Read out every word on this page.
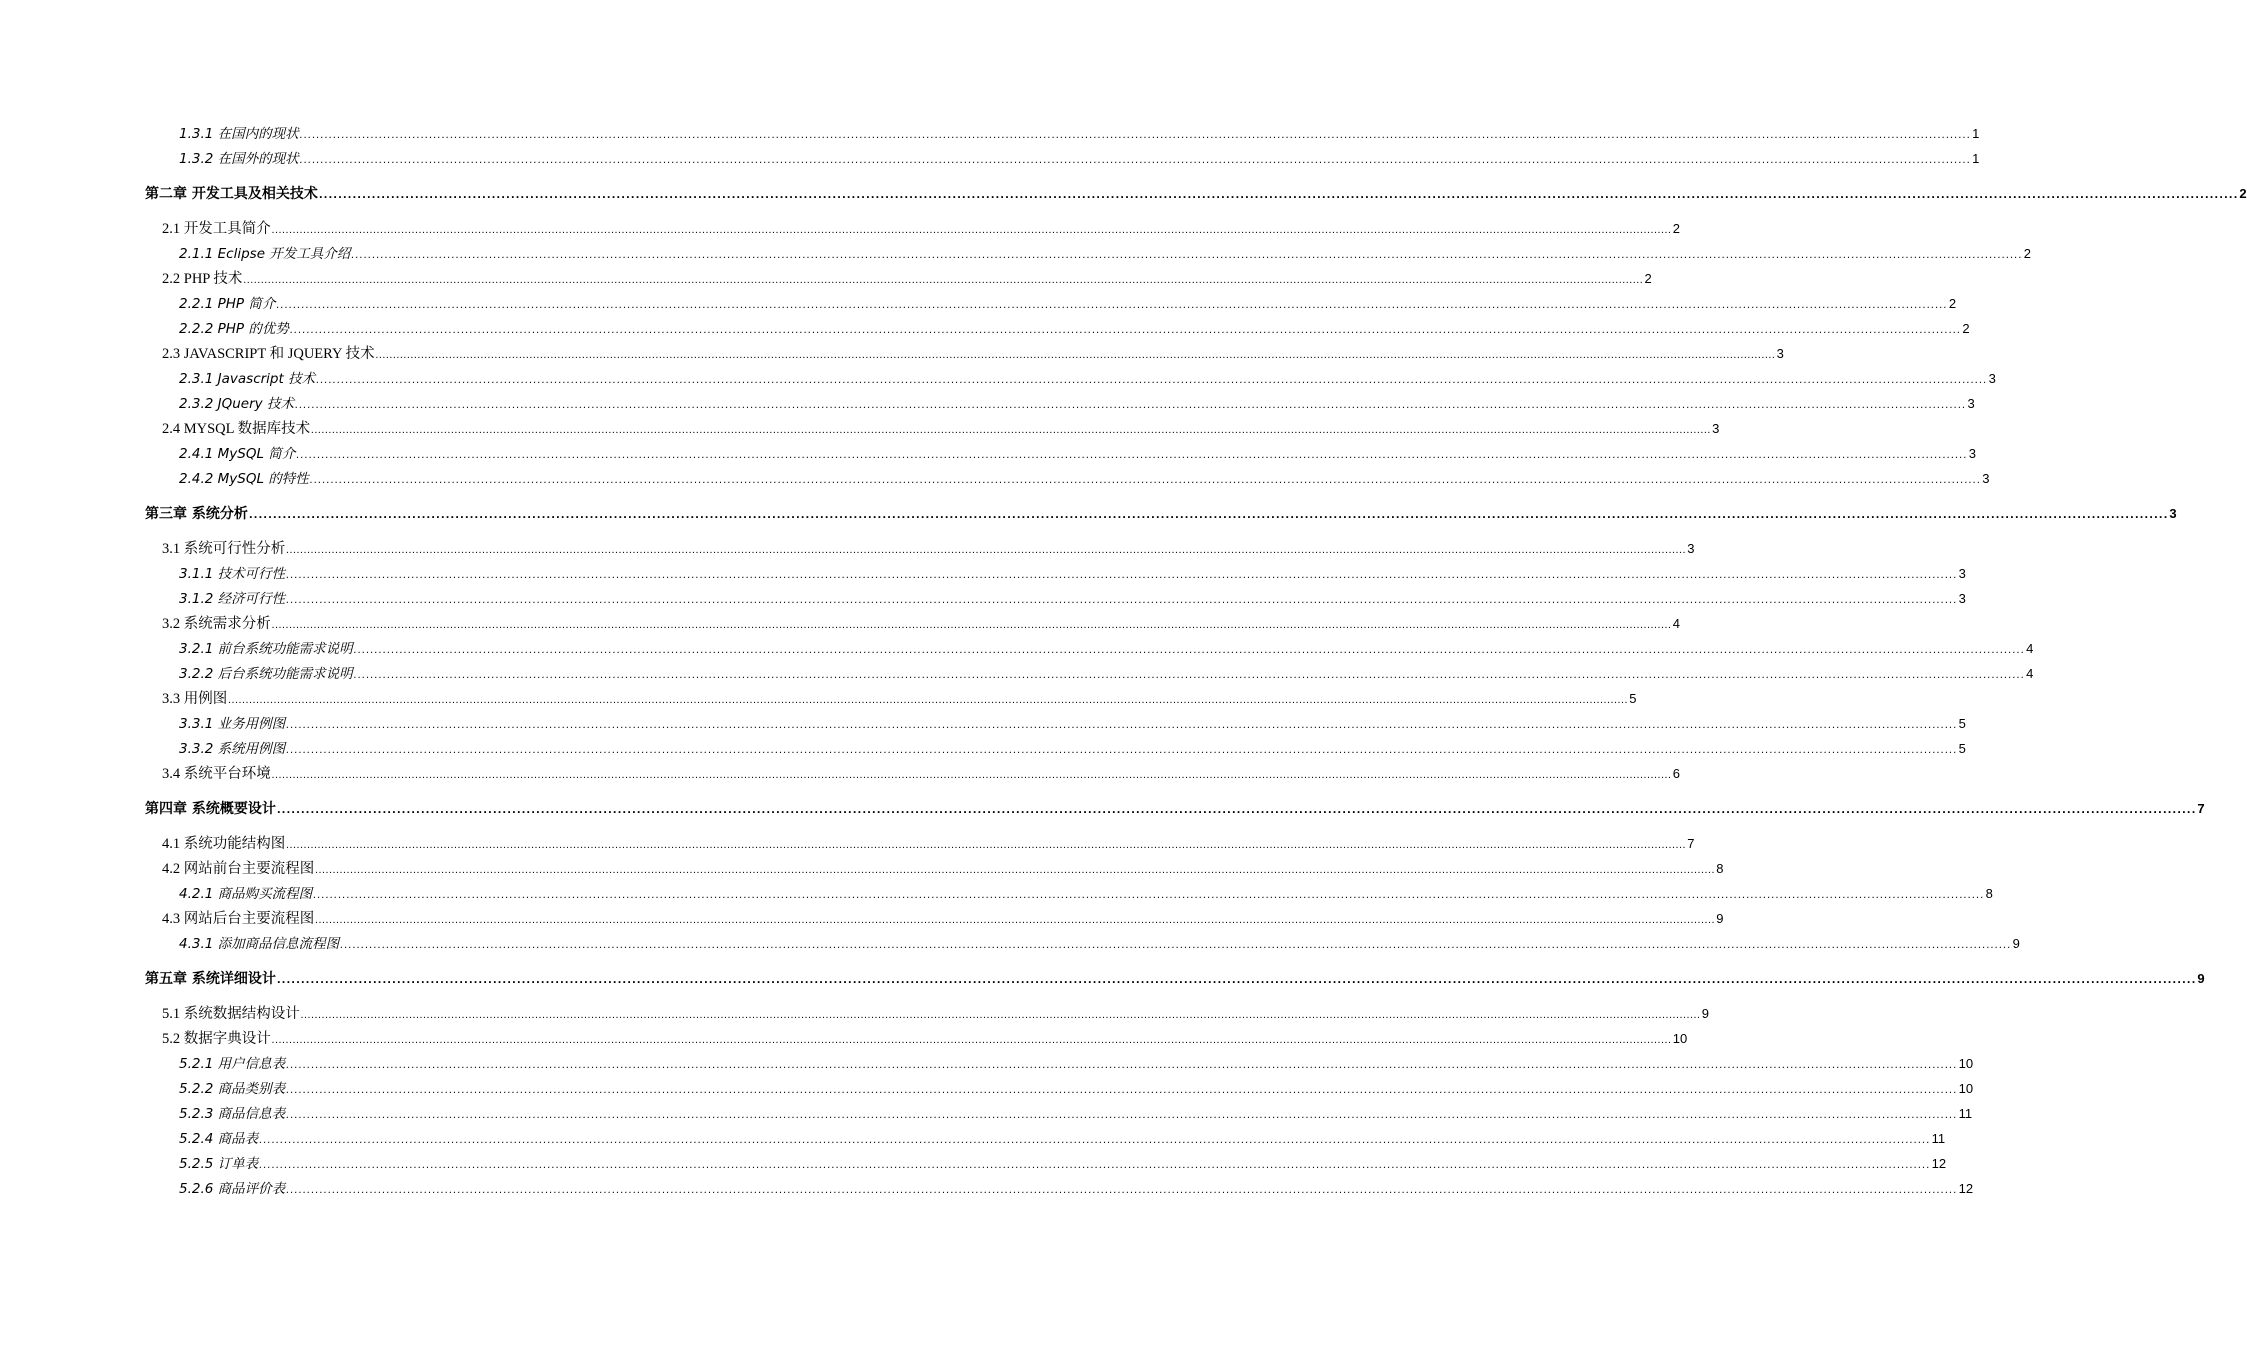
1.3.1 在国内的现状 ................................................................................................................................................................................................................................................................................................................................................................................................................ 1
1.3.2 在国外的现状 ................................................................................................................................................................................................................................................................................................................................................................................................................ 1
第二章 开发工具及相关技术 ................................................................................................................................................................................................................................................................................................................................................................................................................ 2
2.1 开发工具简介 ................................................................................................................................................................................................................................................................................................................................................................................................................ 2
2.1.1 Eclipse 开发工具介绍 ................................................................................................................................................................................................................................................................................................................................................................................................................ 2
2.2 PHP 技术 ................................................................................................................................................................................................................................................................................................................................................................................................................ 2
2.2.1 PHP 简介 ................................................................................................................................................................................................................................................................................................................................................................................................................ 2
2.2.2 PHP 的优势 ................................................................................................................................................................................................................................................................................................................................................................................................................ 2
2.3 JAVASCRIPT 和 JQUERY 技术 ................................................................................................................................................................................................................................................................................................................................................................................................................ 3
2.3.1 Javascript 技术 ................................................................................................................................................................................................................................................................................................................................................................................................................ 3
2.3.2 JQuery 技术 ................................................................................................................................................................................................................................................................................................................................................................................................................ 3
2.4 MYSQL 数据库技术 ................................................................................................................................................................................................................................................................................................................................................................................................................ 3
2.4.1 MySQL 简介 ................................................................................................................................................................................................................................................................................................................................................................................................................ 3
2.4.2 MySQL 的特性 ................................................................................................................................................................................................................................................................................................................................................................................................................ 3
第三章 系统分析 ................................................................................................................................................................................................................................................................................................................................................................................................................ 3
3.1 系统可行性分析 ................................................................................................................................................................................................................................................................................................................................................................................................................ 3
3.1.1 技术可行性 ................................................................................................................................................................................................................................................................................................................................................................................................................ 3
3.1.2 经济可行性 ................................................................................................................................................................................................................................................................................................................................................................................................................ 3
3.2 系统需求分析 ................................................................................................................................................................................................................................................................................................................................................................................................................ 4
3.2.1 前台系统功能需求说明 ................................................................................................................................................................................................................................................................................................................................................................................................................ 4
3.2.2 后台系统功能需求说明 ................................................................................................................................................................................................................................................................................................................................................................................................................ 4
3.3 用例图 ................................................................................................................................................................................................................................................................................................................................................................................................................ 5
3.3.1 业务用例图 ................................................................................................................................................................................................................................................................................................................................................................................................................ 5
3.3.2 系统用例图 ................................................................................................................................................................................................................................................................................................................................................................................................................ 5
3.4 系统平台环境 ................................................................................................................................................................................................................................................................................................................................................................................................................ 6
第四章 系统概要设计 ................................................................................................................................................................................................................................................................................................................................................................................................................ 7
4.1 系统功能结构图 ................................................................................................................................................................................................................................................................................................................................................................................................................ 7
4.2 网站前台主要流程图 ................................................................................................................................................................................................................................................................................................................................................................................................................ 8
4.2.1 商品购买流程图 ................................................................................................................................................................................................................................................................................................................................................................................................................ 8
4.3 网站后台主要流程图 ................................................................................................................................................................................................................................................................................................................................................................................................................ 9
4.3.1 添加商品信息流程图 ................................................................................................................................................................................................................................................................................................................................................................................................................ 9
第五章 系统详细设计 ................................................................................................................................................................................................................................................................................................................................................................................................................ 9
5.1 系统数据结构设计 ................................................................................................................................................................................................................................................................................................................................................................................................................ 9
5.2 数据字典设计 ................................................................................................................................................................................................................................................................................................................................................................................................................ 10
5.2.1 用户信息表 ................................................................................................................................................................................................................................................................................................................................................................................................................ 10
5.2.2 商品类别表 ................................................................................................................................................................................................................................................................................................................................................................................................................ 10
5.2.3 商品信息表 ................................................................................................................................................................................................................................................................................................................................................................................................................ 11
5.2.4 商品表 ................................................................................................................................................................................................................................................................................................................................................................................................................ 11
5.2.5 订单表 ................................................................................................................................................................................................................................................................................................................................................................................................................ 12
5.2.6 商品评价表 ................................................................................................................................................................................................................................................................................................................................................................................................................ 12
